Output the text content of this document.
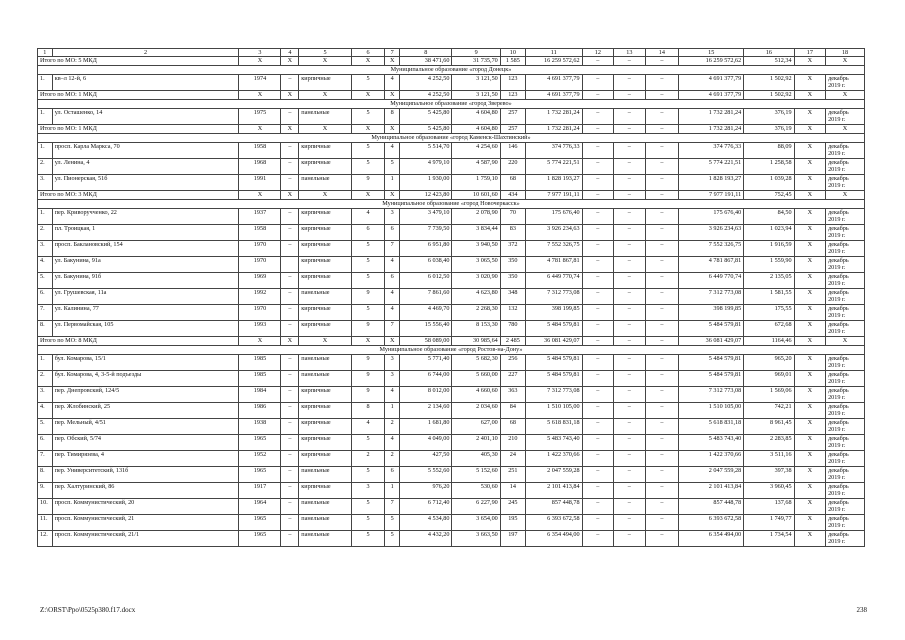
1	2	3	4	5	6	7	8	9	10	11	12	13	14	15	16	17	18
Итого по МО: 5 МКД		X	X	X	X	X	38 471,60	31 735,70	1 585	16 259 572,62	–	–	–	16 259 572,62	512,34	X	X
Муниципальное образование «город Донецк»																	
1.	кв–л 12-й, 6	1974	–	кирпичные	5	4	4 252,50	3 121,50	123	4 691 377,79	–	–	–	4 691 377,79	1 502,92	X	декабрь 2019 г.
Итого по МО: 1 МКД		X	X	X	X	X	4 252,50	3 121,50	123	4 691 377,79	–	–	–	4 691 377,79	1 502,92	X	X
Муниципальное образование «город Зверево»																	
1.	ул. Осташенко, 14	1975	–	панельные	5	8	5 425,80	4 604,80	257	1 732 281,24	–	–	–	1 732 281,24	376,19	X	декабрь 2019 г.
Итого по МО: 1 МКД		X	X	X	X	X	5 425,80	4 604,80	257	1 732 281,24	–	–	–	1 732 281,24	376,19	X	X
Муниципальное образование «город Каменск-Шахтинский»																	
1.	просп. Карла Маркса, 70	1958	–	кирпичные	5	4	5 514,70	4 254,60	146	374 776,33	–	–	–	374 776,33	88,09	X	декабрь 2019 г.
2.	ул. Ленина, 4	1968	–	кирпичные	5	5	4 979,10	4 587,90	220	5 774 221,51	–	–	–	5 774 221,51	1 258,58	X	декабрь 2019 г.
3.	ул. Пионерская, 51б	1991	–	панельные	9	1	1 930,00	1 759,10	68	1 828 193,27	–	–	–	1 828 193,27	1 039,28	X	декабрь 2019 г.
Итого по МО: 3 МКД		X	X	X	X	X	12 423,80	10 601,60	434	7 977 191,11	–	–	–	7 977 191,11	752,45	X	X
Муниципальное образование «город Новочеркасск»																	
1.	пер. Криворучченко, 22	1937	–	кирпичные	4	3	3 479,10	2 078,90	70	175 676,40	–	–	–	175 676,40	84,50	X	декабрь 2019 г.
2.	пл. Троицкая, 1	1958	–	кирпичные	6	6	7 739,50	3 834,44	83	3 926 234,63	–	–	–	3 926 234,63	1 023,94	X	декабрь 2019 г.
3.	просп. Баклановский, 154	1970	–	кирпичные	5	7	6 951,80	3 940,50	372	7 552 326,75	–	–	–	7 552 326,75	1 916,59	X	декабрь 2019 г.
4.	ул. Бакунина, 91а	1970		кирпичные	5	4	6 038,40	3 065,50	350	4 781 867,81	–	–	–	4 781 867,81	1 559,90	X	декабрь 2019 г.
5.	ул. Бакунина, 91б	1969	–	кирпичные	5	6	6 012,50	3 020,90	350	6 449 770,74	–	–	–	6 449 770,74	2 135,05	X	декабрь 2019 г.
6.	ул. Грушевская, 11а	1992	–	панельные	9	4	7 861,60	4 623,80	348	7 312 773,08	–	–	–	7 312 773,08	1 581,55	X	декабрь 2019 г.
7.	ул. Калинина, 77	1970	–	кирпичные	5	4	4 469,70	2 268,30	132	398 199,85	–	–	–	398 199,85	175,55	X	декабрь 2019 г.
8.	ул. Первомайская, 105	1993	–	кирпичные	9	7	15 556,40	8 153,30	780	5 484 579,81	–	–	–	5 484 579,81	672,68	X	декабрь 2019 г.
Итого по МО: 8 МКД		X	X	X	X	X	58 089,00	30 985,64	2 485	36 081 429,07	–	–	–	36 081 429,07	1164,46	X	X
Муниципальное образование «город Ростов-на-Дону»																	
1.	бул. Комарова, 15/1	1985	–	панельные	9	3	5 771,40	5 682,30	256	5 484 579,81	–	–	–	5 484 579,81	965,20	X	декабрь 2019 г.
2.	бул. Комарова, 4, 3-5-й подъезды	1985	–	панельные	9	3	6 744,00	5 660,00	227	5 484 579,81	–	–	–	5 484 579,81	969,01	X	декабрь 2019 г.
3.	пер. Днепровский, 124/5	1984	–	кирпичные	9	4	8 012,00	4 660,60	363	7 312 773,08	–	–	–	7 312 773,08	1 569,06	X	декабрь 2019 г.
4.	пер. Жлобинский, 25	1986	–	кирпичные	8	1	2 134,60	2 034,60	84	1 510 105,00	–	–	–	1 510 105,00	742,21	X	декабрь 2019 г.
5.	пер. Мельный, 4/51	1938	–	кирпичные	4	2	1 681,80	627,00	68	5 618 831,18	–	–	–	5 618 831,18	8 961,45	X	декабрь 2019 г.
6.	пер. Обский, 5/74	1965	–	кирпичные	5	4	4 049,00	2 401,10	210	5 483 743,40	–	–	–	5 483 743,40	2 283,85	X	декабрь 2019 г.
7.	пер. Тимирязева, 4	1952	–	кирпичные	2	2	427,50	405,30	24	1 422 370,66	–	–	–	1 422 370,66	3 511,16	X	декабрь 2019 г.
8.	пер. Университетский, 131б	1965	–	панельные	5	6	5 552,60	5 152,60	251	2 047 559,28	–	–	–	2 047 559,28	397,38	X	декабрь 2019 г.
9.	пер. Халтуринский, 86	1917	–	кирпичные	3	1	976,20	530,60	14	2 101 413,84	–	–	–	2 101 413,84	3 960,45	X	декабрь 2019 г.
10.	просп. Коммунистический, 20	1964	–	панельные	5	7	6 712,40	6 227,90	245	857 448,78	–	–	–	857 448,78	137,68	X	декабрь 2019 г.
11.	просп. Коммунистический, 21	1965	–	панельные	5	5	4 534,80	3 654,00	195	6 393 672,58	–	–	–	6 393 672,58	1 749,77	X	декабрь 2019 г.
12.	просп. Коммунистический, 21/1	1965	–	панельные	5	5	4 432,20	3 663,50	197	6 354 494,00	–	–	–	6 354 494,00	1 734,54	X	декабрь 2019 г.
Z:\ORST\Ppo\0525p380.f17.docx	238
